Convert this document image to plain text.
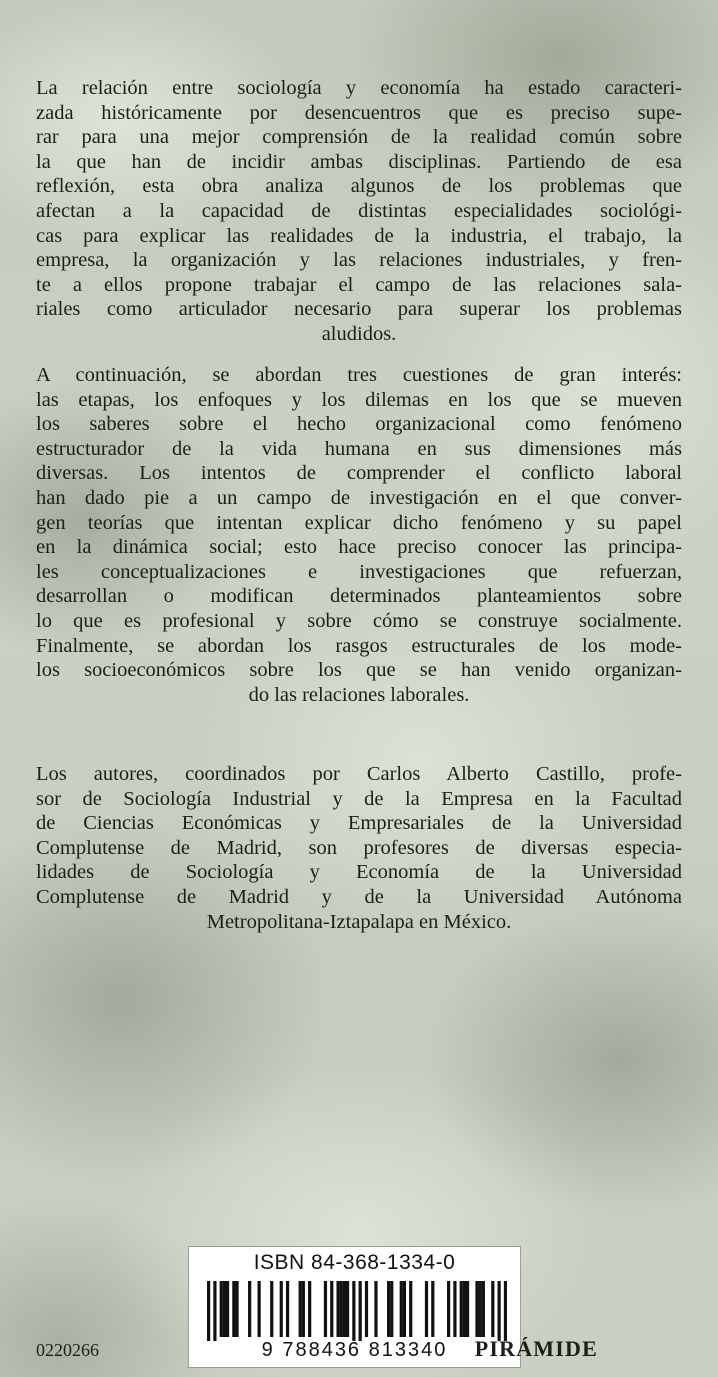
La relación entre sociología y economía ha estado caracteri-
zada históricamente por desencuentros que es preciso supe-
rar para una mejor comprensión de la realidad común sobre
la que han de incidir ambas disciplinas. Partiendo de esa
reflexión, esta obra analiza algunos de los problemas que
afectan a la capacidad de distintas especialidades sociológi-
cas para explicar las realidades de la industria, el trabajo, la
empresa, la organización y las relaciones industriales, y fren-
te a ellos propone trabajar el campo de las relaciones sala-
riales como articulador necesario para superar los problemas
aludidos.
A continuación, se abordan tres cuestiones de gran interés:
las etapas, los enfoques y los dilemas en los que se mueven
los saberes sobre el hecho organizacional como fenómeno
estructurador de la vida humana en sus dimensiones más
diversas. Los intentos de comprender el conflicto laboral
han dado pie a un campo de investigación en el que conver-
gen teorías que intentan explicar dicho fenómeno y su papel
en la dinámica social; esto hace preciso conocer las principa-
les conceptualizaciones e investigaciones que refuerzan,
desarrollan o modifican determinados planteamientos sobre
lo que es profesional y sobre cómo se construye socialmente.
Finalmente, se abordan los rasgos estructurales de los mode-
los socioeconómicos sobre los que se han venido organizan-
do las relaciones laborales.
Los autores, coordinados por Carlos Alberto Castillo, profe-
sor de Sociología Industrial y de la Empresa en la Facultad
de Ciencias Económicas y Empresariales de la Universidad
Complutense de Madrid, son profesores de diversas especia-
lidades de Sociología y Economía de la Universidad
Complutense de Madrid y de la Universidad Autónoma
Metropolitana-Iztapalapa en México.
ISBN 84-368-1334-0
9 788436 813340
0220266	PIRÁMIDE
